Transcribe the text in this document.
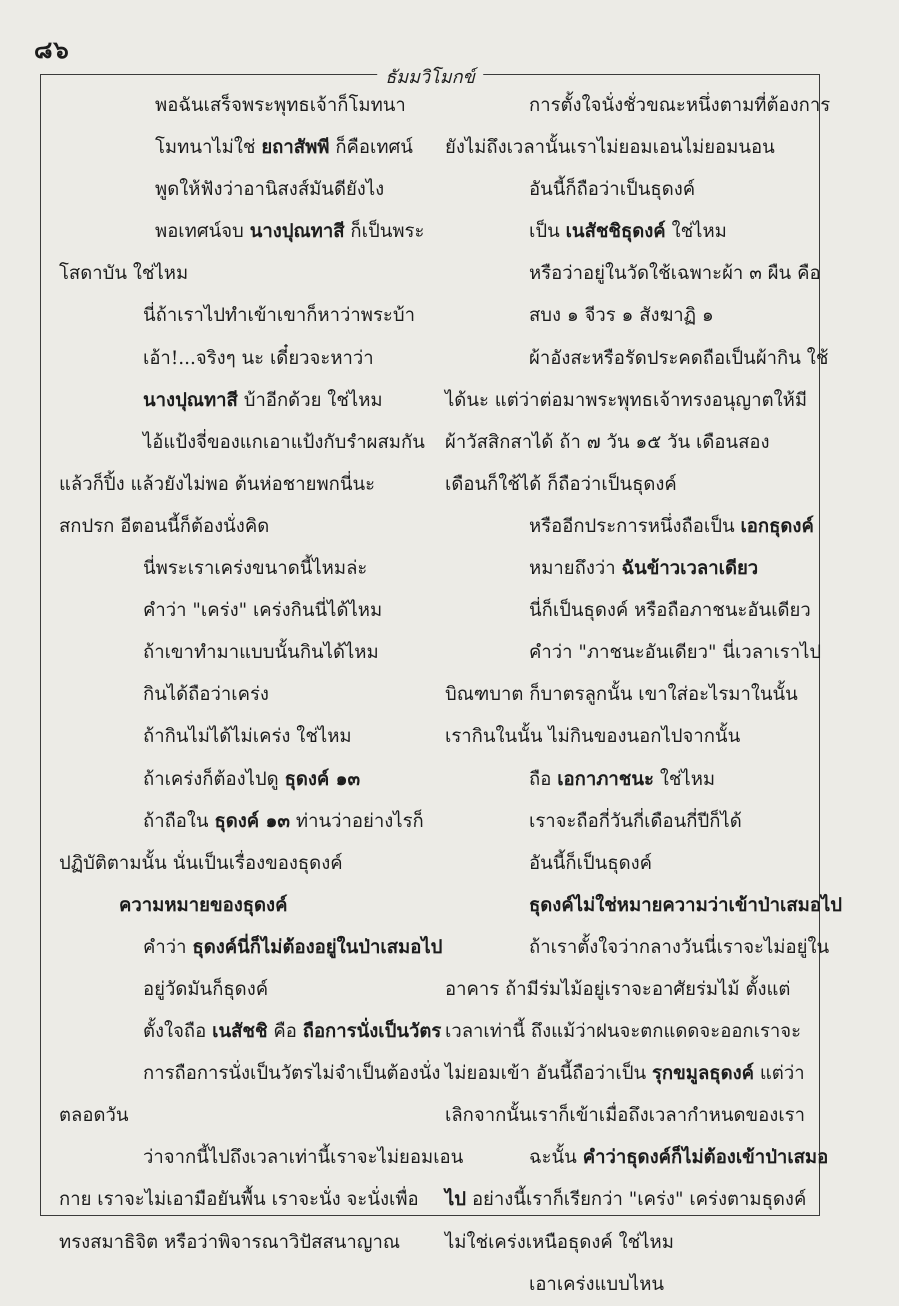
๘๖
ธัมมวิโมกข์
พอฉันเสร็จพระพุทธเจ้าก็โมทนา
โมทนาไม่ใช่ ยถาสัพพี ก็คือเทศน์
พูดให้ฟังว่าอานิสงส์มันดียังไง
พอเทศน์จบ นางปุณทาสี ก็เป็นพระ
โสดาบัน ใช่ไหม
นี่ถ้าเราไปทำเข้าเขาก็หาว่าพระบ้า
เอ้า!...จริงๆ นะ เดี๋ยวจะหาว่า
นางปุณทาสี บ้าอีกด้วย ใช่ไหม
ไอ้แป้งจี่ของแกเอาแป้งกับรำผสมกัน
แล้วก็ปิ้ง แล้วยังไม่พอ ต้นห่อชายพกนี่นะ
สกปรก อีตอนนี้ก็ต้องนั่งคิด
นี่พระเราเคร่งขนาดนี้ไหมล่ะ
คำว่า "เคร่ง" เคร่งกินนี่ได้ไหม
ถ้าเขาทำมาแบบนั้นกินได้ไหม
กินได้ถือว่าเคร่ง
ถ้ากินไม่ได้ไม่เคร่ง ใช่ไหม
ถ้าเคร่งก็ต้องไปดู ธุดงค์ ๑๓
ถ้าถือใน ธุดงค์ ๑๓ ท่านว่าอย่างไรก็
ปฏิบัติตามนั้น นั่นเป็นเรื่องของธุดงค์
ความหมายของธุดงค์
คำว่า ธุดงค์นี่ก็ไม่ต้องอยู่ในป่าเสมอไป
อยู่วัดมันก็ธุดงค์
ตั้งใจถือ เนสัชชิ คือ ถือการนั่งเป็นวัตร
การถือการนั่งเป็นวัตรไม่จำเป็นต้องนั่ง
ตลอดวัน
ว่าจากนี้ไปถึงเวลาเท่านี้เราจะไม่ยอมเอน
กาย เราจะไม่เอามือยันพื้น เราจะนั่ง จะนั่งเพื่อ
ทรงสมาธิจิต หรือว่าพิจารณาวิปัสสนาญาณ
การตั้งใจนั่งชั่วขณะหนึ่งตามที่ต้องการ
ยังไม่ถึงเวลานั้นเราไม่ยอมเอนไม่ยอมนอน
อันนี้ก็ถือว่าเป็นธุดงค์
เป็น เนสัชชิธุดงค์ ใช่ไหม
หรือว่าอยู่ในวัดใช้เฉพาะผ้า ๓ ผืน คือ
สบง ๑ จีวร ๑ สังฆาฏิ ๑
ผ้าอังสะหรือรัดประคดถือเป็นผ้ากิน ใช้
ได้นะ แต่ว่าต่อมาพระพุทธเจ้าทรงอนุญาตให้มี
ผ้าวัสสิกสาได้ ถ้า ๗ วัน ๑๕ วัน เดือนสอง
เดือนก็ใช้ได้ ก็ถือว่าเป็นธุดงค์
หรืออีกประการหนึ่งถือเป็น เอกธุดงค์
หมายถึงว่า ฉันข้าวเวลาเดียว
นี่ก็เป็นธุดงค์ หรือถือภาชนะอันเดียว
คำว่า "ภาชนะอันเดียว" นี่เวลาเราไป
บิณฑบาต ก็บาตรลูกนั้น เขาใส่อะไรมาในนั้น
เรากินในนั้น ไม่กินของนอกไปจากนั้น
ถือ เอกาภาชนะ ใช่ไหม
เราจะถือกี่วันกี่เดือนกี่ปีก็ได้
อันนี้ก็เป็นธุดงค์
ธุดงค์ไม่ใช่หมายความว่าเข้าป่าเสมอไป
ถ้าเราตั้งใจว่ากลางวันนี่เราจะไม่อยู่ใน
อาคาร ถ้ามีร่มไม้อยู่เราจะอาศัยร่มไม้ ตั้งแต่
เวลาเท่านี้ ถึงแม้ว่าฝนจะตกแดดจะออกเราจะ
ไม่ยอมเข้า อันนี้ถือว่าเป็น รุกขมูลธุดงค์ แต่ว่า
เลิกจากนั้นเราก็เข้าเมื่อถึงเวลากำหนดของเรา
ฉะนั้น คำว่าธุดงค์ก็ไม่ต้องเข้าป่าเสมอ
ไป อย่างนี้เราก็เรียกว่า "เคร่ง" เคร่งตามธุดงค์
ไม่ใช่เคร่งเหนือธุดงค์ ใช่ไหม
เอาเคร่งแบบไหน
